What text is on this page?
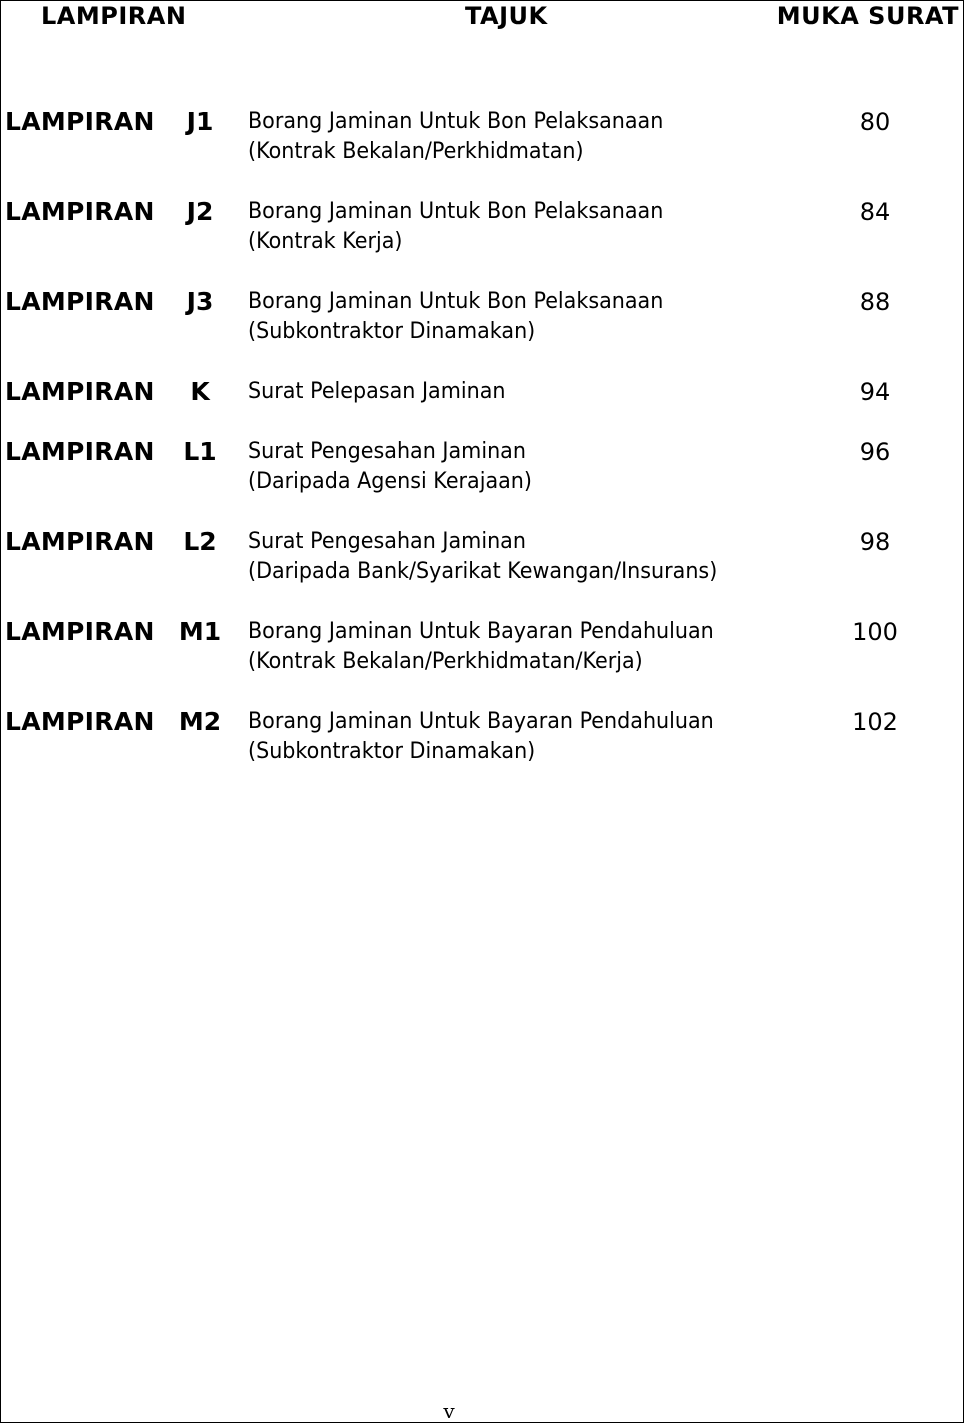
LAMPIRAN	TAJUK	MUKA SURAT
LAMPIRAN	J1	Borang Jaminan Untuk Bon Pelaksanaan
(Kontrak Bekalan/Perkhidmatan)
80
LAMPIRAN	J2	Borang Jaminan Untuk Bon Pelaksanaan
(Kontrak Kerja)
84
LAMPIRAN	J3	Borang Jaminan Untuk Bon Pelaksanaan
(Subkontraktor Dinamakan)
88
LAMPIRAN	K	Surat Pelepasan Jaminan	94
LAMPIRAN	L1	Surat Pengesahan Jaminan
(Daripada Agensi Kerajaan)
96
LAMPIRAN	L2	Surat Pengesahan Jaminan
(Daripada Bank/Syarikat Kewangan/Insurans)
98
LAMPIRAN M1 Borang Jaminan Untuk Bayaran Pendahuluan
(Kontrak Bekalan/Perkhidmatan/Kerja)
100
LAMPIRAN M2 Borang Jaminan Untuk Bayaran Pendahuluan
(Subkontraktor Dinamakan)
102
v
